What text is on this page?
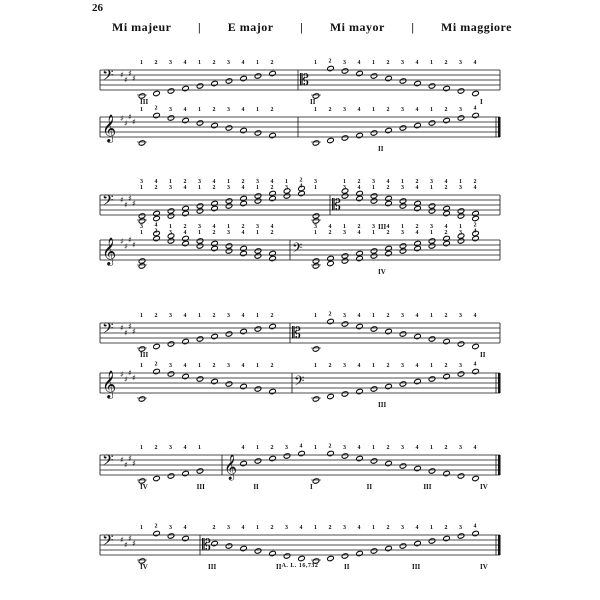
26
Mi majeur | E major | Mi mayor | Mi maggiore
𝄢 ♯
♯
♯
♯	𝄡
𝄞 ♯
♯
♯
♯
𝄢 ♯
♯
♯
♯	𝄡
𝄞 ♯
♯
♯
♯	𝄢
𝄢 ♯
♯
♯
♯	𝄡
𝄞 ♯
♯
♯
♯	𝄢
𝄢 ♯
♯
♯
♯	𝄞
𝄢 ♯
♯
♯
♯	𝄡
1 2 3 4 1 2 3 4 1 2	1 2 3 4 1 2 3 4 1 2 3 4
1 2 3 4 1 2 3 4 1 2	1 2 3 4 1 2 3 4 1 2 3 4
1
3
2
4
3
1
4
2
1
3
2
4
3
1
4
2
1
3
2
4
3
1
4
2
1
3
3
1
4
2
1
3
2
4
3
1
4
2
1
3
2
4
3
1
4
2
1
3
2
4
3
1
4
2
1
3
2
4
3
1
4
2
1
3
2
4
1
3
2
4
3
1
4
2
1
3
2
4
3
1
4
2
1
3
2
4
3
1
4
2
1 2 3 4 1 2 3 4 1 2	1 2 3 4 1 2 3 4 1 2 3 4
1 2 3 4 1 2 3 4 1 2	1 2 3 4 1 2 3 4 1 2 3 4
1 2 3 4 1	4 1 2 3 4 1 2 3 4 1 2 3 4 1 2 3 4
1 2 3 4	2 3 4 1 2 3 4 1 2 3 4 1 2 3 4 1 2 3 4
III	II	I
II
III
IV
III	II
III
IV	III	II	I	II	III	IV
IV	III	II	II	III	IV
A. L. 16,732
